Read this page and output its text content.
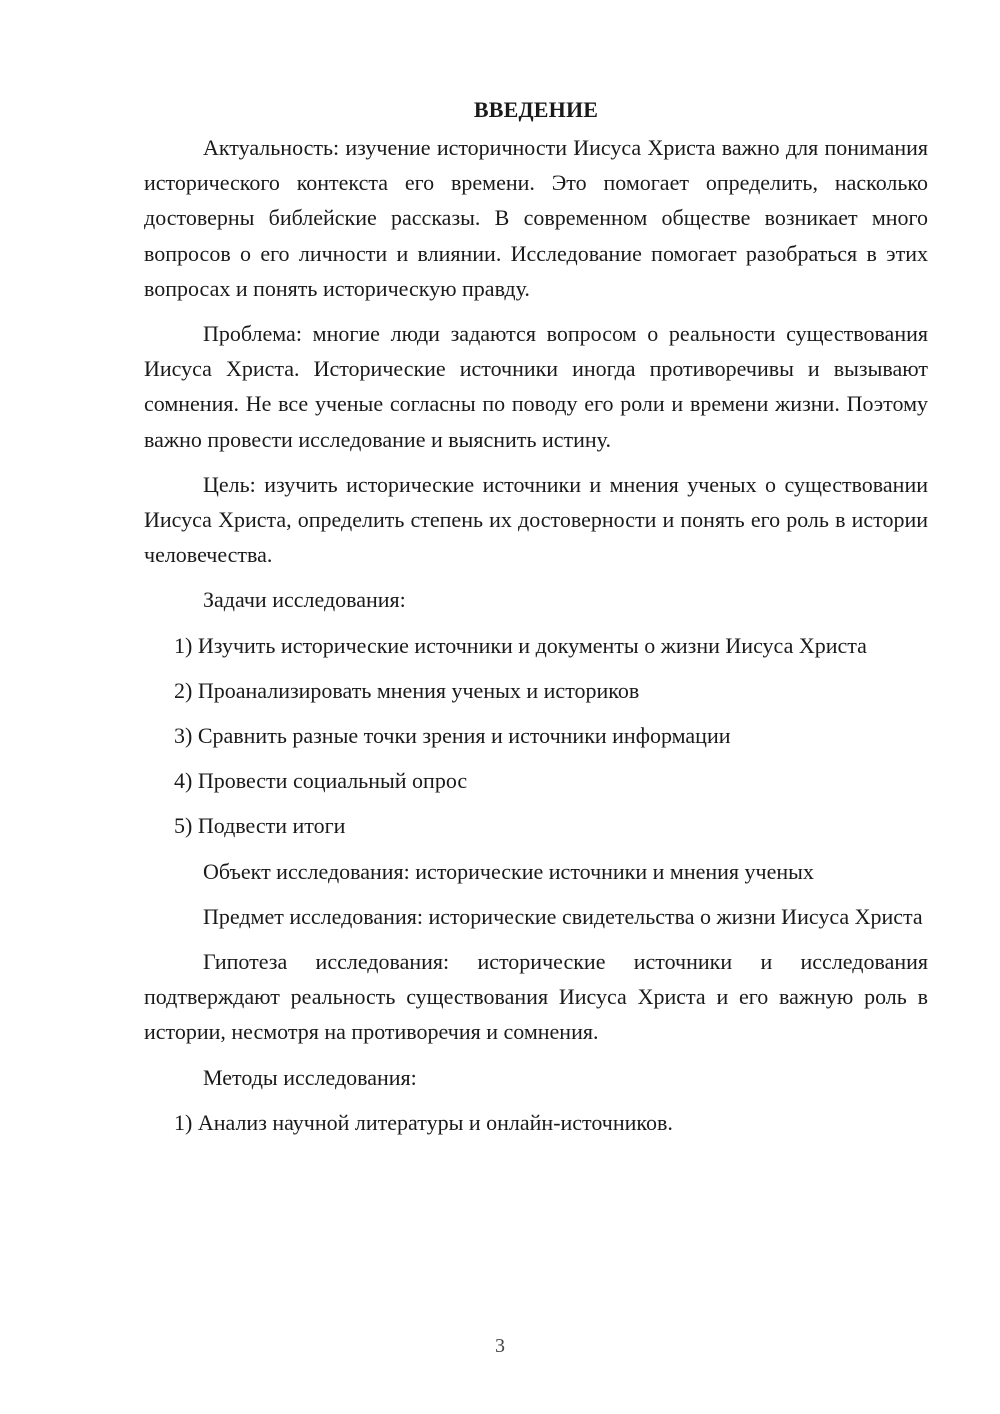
ВВЕДЕНИЕ

Актуальность: изучение историчности Иисуса Христа важно для понимания исторического контекста его времени. Это помогает определить, насколько достоверны библейские рассказы. В современном обществе возникает много вопросов о его личности и влиянии. Исследование помогает разобраться в этих вопросах и понять историческую правду.

Проблема: многие люди задаются вопросом о реальности существования Иисуса Христа. Исторические источники иногда противоречивы и вызывают сомнения. Не все ученые согласны по поводу его роли и времени жизни. Поэтому важно провести исследование и выяснить истину.

Цель: изучить исторические источники и мнения ученых о существовании Иисуса Христа, определить степень их достоверности и понять его роль в истории человечества.

Задачи исследования:

1) Изучить исторические источники и документы о жизни Иисуса Христа

2) Проанализировать мнения ученых и историков

3) Сравнить разные точки зрения и источники информации

4) Провести социальный опрос

5) Подвести итоги

Объект исследования: исторические источники и мнения ученых

Предмет исследования: исторические свидетельства о жизни Иисуса Христа

Гипотеза исследования: исторические источники и исследования подтверждают реальность существования Иисуса Христа и его важную роль в истории, несмотря на противоречия и сомнения.

Методы исследования:

1) Анализ научной литературы и онлайн-источников.

3
